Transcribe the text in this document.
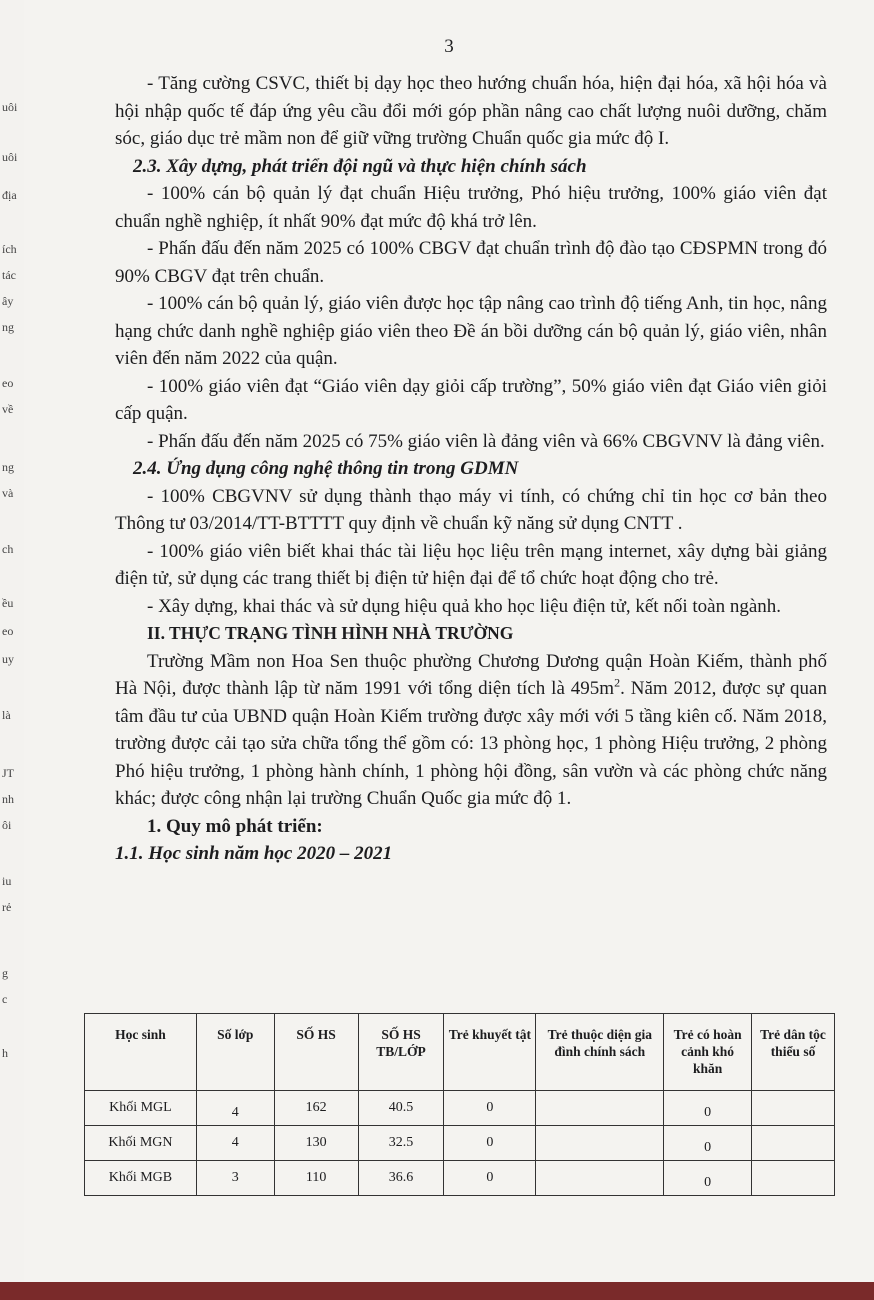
uôi
uôi
địa
ích
tác
ây
ng
eo
về
ng
và
ch
ều
eo
uy
là
JT
nh
ôi
iu
rẻ
g
c
h
3

- Tăng cường CSVC, thiết bị dạy học theo hướng chuẩn hóa, hiện đại hóa, xã hội hóa và hội nhập quốc tế đáp ứng yêu cầu đổi mới góp phần nâng cao chất lượng nuôi dưỡng, chăm sóc, giáo dục trẻ mầm non để giữ vững trường Chuẩn quốc gia mức độ I.

2.3. Xây dựng, phát triển đội ngũ và thực hiện chính sách

- 100% cán bộ quản lý đạt chuẩn Hiệu trưởng, Phó hiệu trưởng, 100% giáo viên đạt chuẩn nghề nghiệp, ít nhất 90% đạt mức độ khá trở lên.

- Phấn đấu đến năm 2025 có 100% CBGV đạt chuẩn trình độ đào tạo CĐSPMN trong đó 90% CBGV đạt trên chuẩn.

- 100% cán bộ quản lý, giáo viên được học tập nâng cao trình độ tiếng Anh, tin học, nâng hạng chức danh nghề nghiệp giáo viên theo Đề án bồi dưỡng cán bộ quản lý, giáo viên, nhân viên đến năm 2022 của quận.

- 100% giáo viên đạt “Giáo viên dạy giỏi cấp trường”, 50% giáo viên đạt Giáo viên giỏi cấp quận.

- Phấn đấu đến năm 2025 có 75% giáo viên là đảng viên và 66% CBGVNV là đảng viên.

2.4. Ứng dụng công nghệ thông tin trong GDMN

- 100% CBGVNV sử dụng thành thạo máy vi tính, có chứng chỉ tin học cơ bản theo Thông tư 03/2014/TT-BTTTT quy định về chuẩn kỹ năng sử dụng CNTT .

- 100% giáo viên biết khai thác tài liệu học liệu trên mạng internet, xây dựng bài giảng điện tử, sử dụng các trang thiết bị điện tử hiện đại để tổ chức hoạt động cho trẻ.

- Xây dựng, khai thác và sử dụng hiệu quả kho học liệu điện tử, kết nối toàn ngành.

II. THỰC TRẠNG TÌNH HÌNH NHÀ TRƯỜNG

Trường Mầm non Hoa Sen thuộc phường Chương Dương quận Hoàn Kiếm, thành phố Hà Nội, được thành lập từ năm 1991 với tổng diện tích là $495m^2$. Năm 2012, được sự quan tâm đầu tư của UBND quận Hoàn Kiếm trường được xây mới với 5 tầng kiên cố. Năm 2018, trường được cải tạo sửa chữa tổng thể gồm có: 13 phòng học, 1 phòng Hiệu trưởng, 2 phòng Phó hiệu trưởng, 1 phòng hành chính, 1 phòng hội đồng, sân vườn và các phòng chức năng khác; được công nhận lại trường Chuẩn Quốc gia mức độ 1.

1. Quy mô phát triển:

1.1. Học sinh năm học 2020 – 2021

Học sinh	Số lớp	SỐ HS	SỐ HS TB/LỚP	Trẻ khuyết tật	Trẻ thuộc diện gia đình chính sách	Trẻ có hoàn cảnh khó khăn	Trẻ dân tộc thiểu số
Khối MGL	4	162	40.5	0		0	
Khối MGN	4	130	32.5	0		0	
Khối MGB	3	110	36.6	0		0	
